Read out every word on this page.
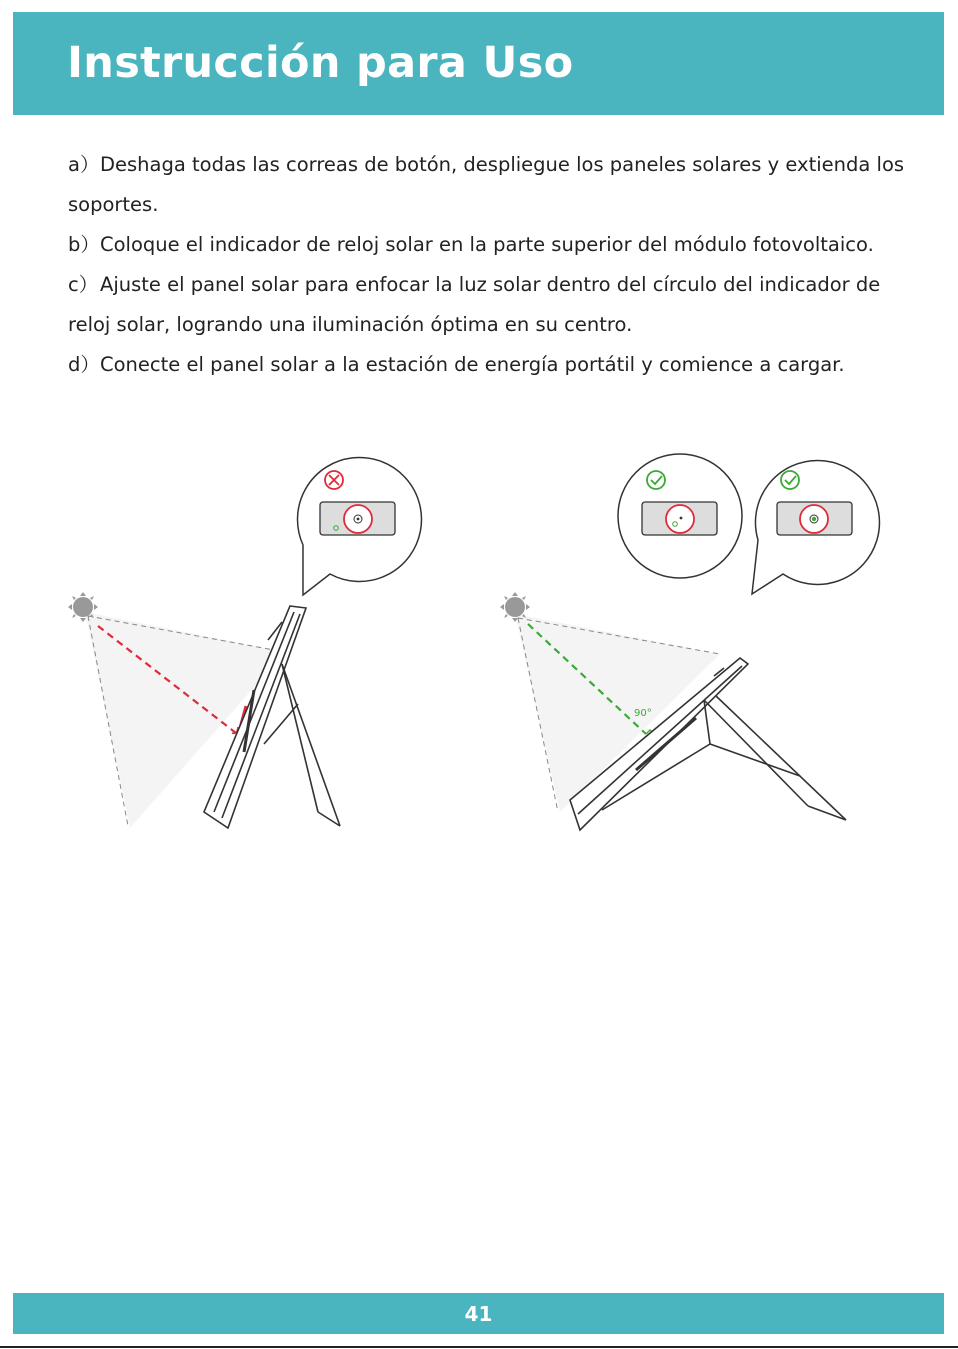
Instrucción para Uso

a）Deshaga todas las correas de botón, despliegue los paneles solares y extienda los soportes.

b）Coloque el indicador de reloj solar en la parte superior del módulo fotovoltaico.

c）Ajuste el panel solar para enfocar la luz solar dentro del círculo del indicador de reloj solar, logrando una iluminación óptima en su centro.

d）Conecte el panel solar a la estación de energía portátil y comience a cargar.

90°
41
